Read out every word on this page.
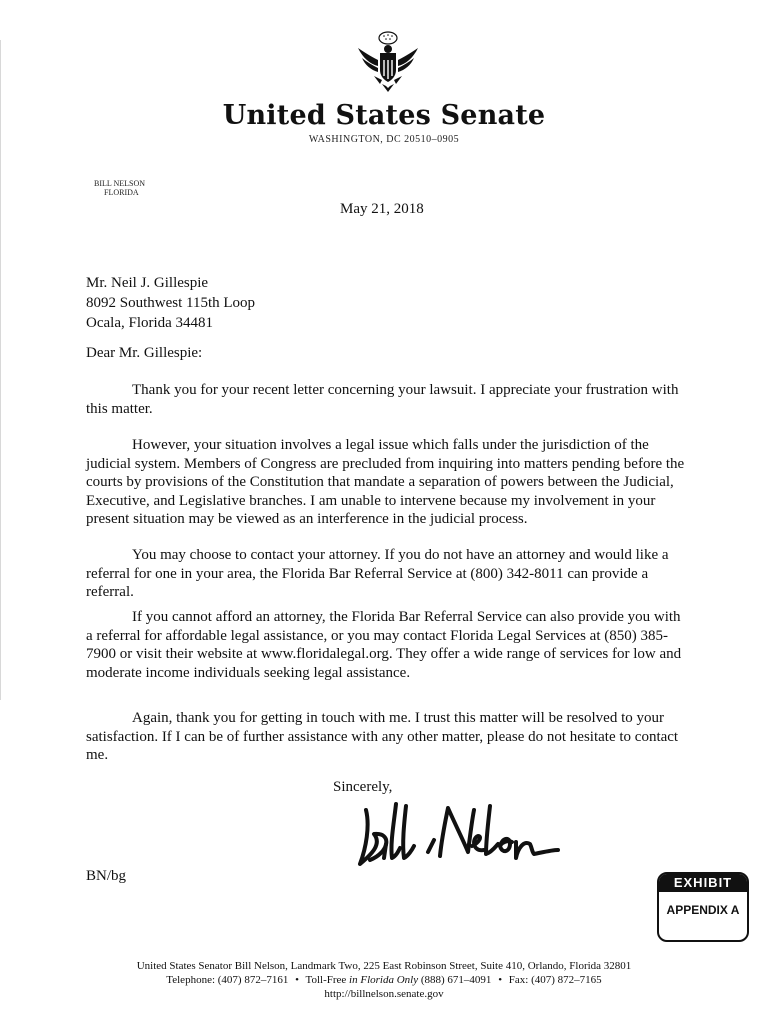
United States Senate
WASHINGTON, DC 20510–0905
BILL NELSON
FLORIDA
May 21, 2018
Mr. Neil J. Gillespie
8092 Southwest 115th Loop
Ocala, Florida 34481
Dear Mr. Gillespie:

Thank you for your recent letter concerning your lawsuit. I appreciate your frustration with this matter.

However, your situation involves a legal issue which falls under the jurisdiction of the judicial system. Members of Congress are precluded from inquiring into matters pending before the courts by provisions of the Constitution that mandate a separation of powers between the Judicial, Executive, and Legislative branches. I am unable to intervene because my involvement in your present situation may be viewed as an interference in the judicial process.

You may choose to contact your attorney. If you do not have an attorney and would like a referral for one in your area, the Florida Bar Referral Service at (800) 342-8011 can provide a referral.

If you cannot afford an attorney, the Florida Bar Referral Service can also provide you with a referral for affordable legal assistance, or you may contact Florida Legal Services at (850) 385-7900 or visit their website at www.floridalegal.org. They offer a wide range of services for low and moderate income individuals seeking legal assistance.

Again, thank you for getting in touch with me. I trust this matter will be resolved to your satisfaction. If I can be of further assistance with any other matter, please do not hesitate to contact me.

Sincerely,
BN/bg	EXHIBIT
APPENDIX A
United States Senator Bill Nelson, Landmark Two, 225 East Robinson Street, Suite 410, Orlando, Florida 32801
Telephone: (407) 872–7161 • Toll-Free in Florida Only (888) 671–4091 • Fax: (407) 872–7165
http://billnelson.senate.gov
